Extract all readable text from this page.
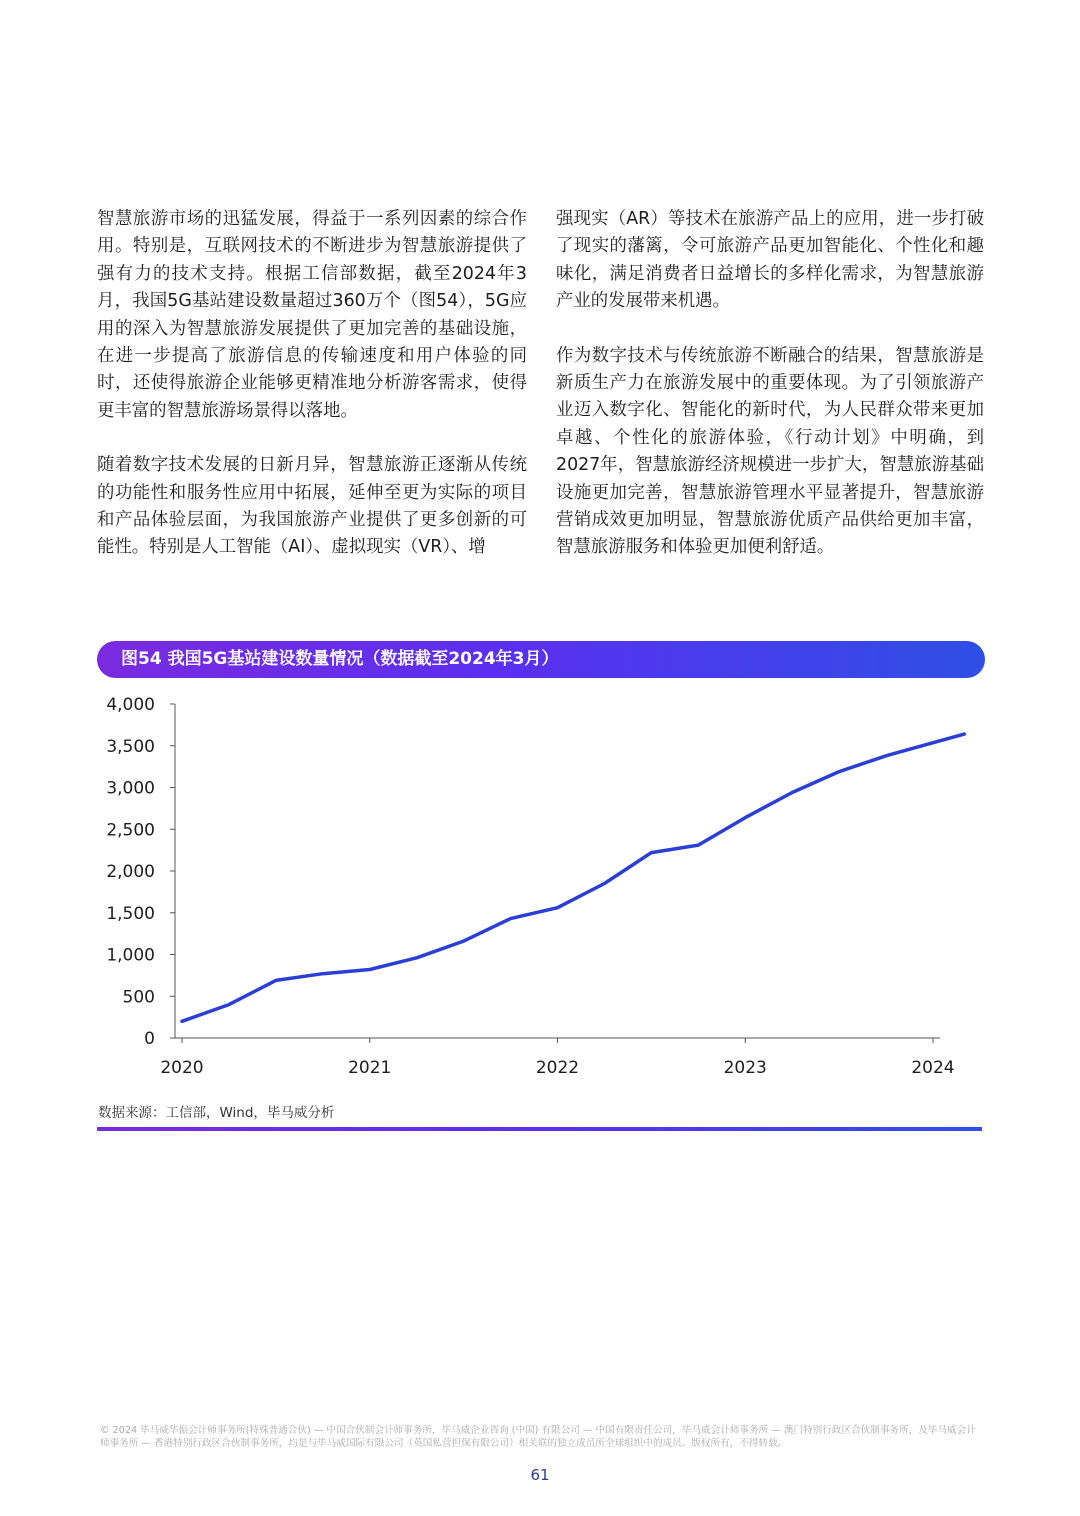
智慧旅游市场的迅猛发展，得益于一系列因素的综合作用。特别是，互联网技术的不断进步为智慧旅游提供了强有力的技术支持。根据工信部数据，截至2024年3月，我国5G基站建设数量超过360万个（图54），5G应用的深入为智慧旅游发展提供了更加完善的基础设施，在进一步提高了旅游信息的传输速度和用户体验的同时，还使得旅游企业能够更精准地分析游客需求，使得更丰富的智慧旅游场景得以落地。

随着数字技术发展的日新月异，智慧旅游正逐渐从传统的功能性和服务性应用中拓展，延伸至更为实际的项目和产品体验层面，为我国旅游产业提供了更多创新的可能性。特别是人工智能（AI）、虚拟现实（VR）、增

强现实（AR）等技术在旅游产品上的应用，进一步打破了现实的藩篱，令可旅游产品更加智能化、个性化和趣味化，满足消费者日益增长的多样化需求，为智慧旅游产业的发展带来机遇。

作为数字技术与传统旅游不断融合的结果，智慧旅游是新质生产力在旅游发展中的重要体现。为了引领旅游产业迈入数字化、智能化的新时代，为人民群众带来更加卓越、个性化的旅游体验，《行动计划》中明确，到2027年，智慧旅游经济规模进一步扩大，智慧旅游基础设施更加完善，智慧旅游管理水平显著提升，智慧旅游营销成效更加明显，智慧旅游优质产品供给更加丰富，智慧旅游服务和体验更加便利舒适。

图54 我国5G基站建设数量情况（数据截至2024年3月）
0
500
1,000
1,500
2,000
2,500
3,000
3,500
4,000
2020	2021	2022	2023	2024
数据来源：工信部，Wind，毕马威分析
© 2024 毕马威华振会计师事务所(特殊普通合伙) — 中国合伙制会计师事务所，毕马威企业咨询 (中国) 有限公司 — 中国有限责任公司，毕马威会计师事务所 — 澳门特别行政区合伙制事务所，及毕马威会计师事务所 — 香港特别行政区合伙制事务所，均是与毕马威国际有限公司（英国私营担保有限公司）相关联的独立成员所全球组织中的成员。版权所有，不得转载。
61
